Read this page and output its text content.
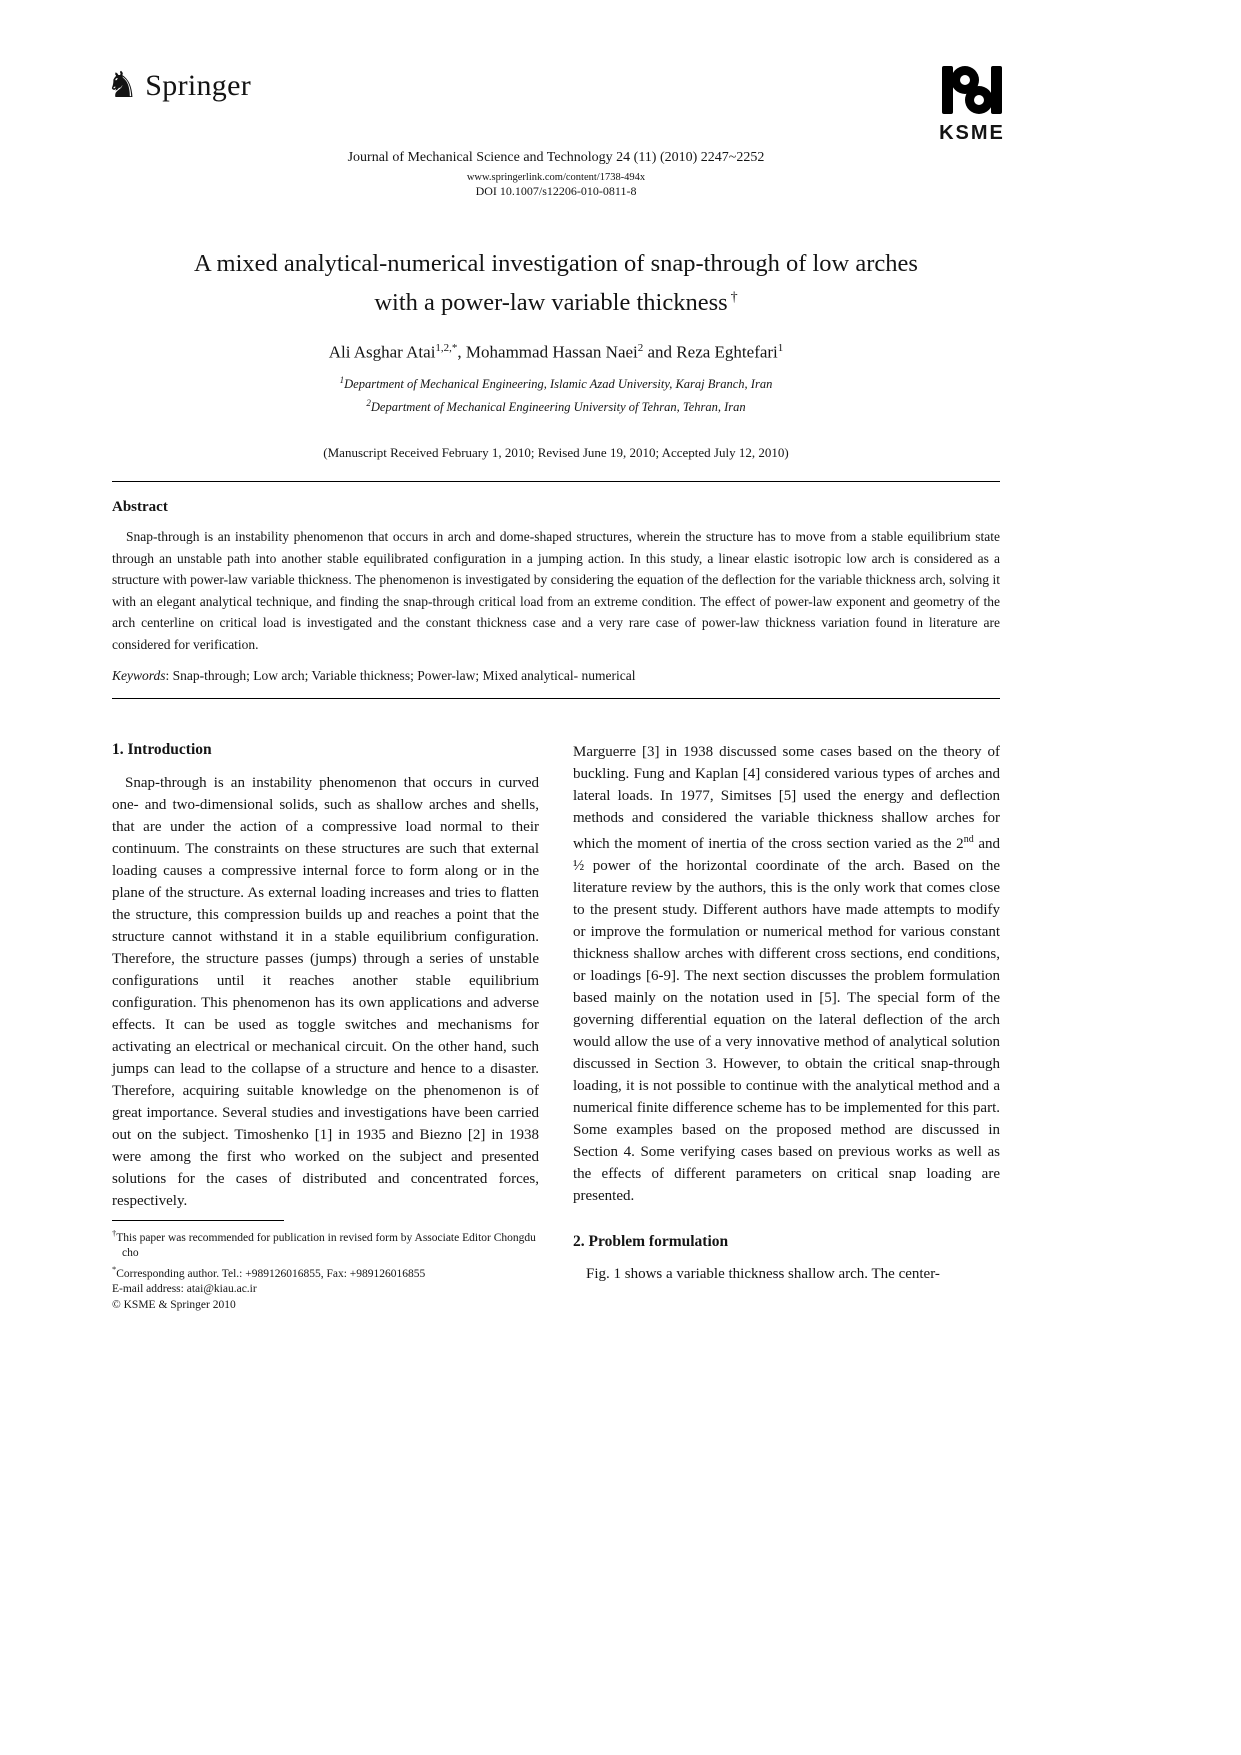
♞ Springer
KSME
Journal of Mechanical Science and Technology 24 (11) (2010) 2247~2252
www.springerlink.com/content/1738-494x
DOI 10.1007/s12206-010-0811-8
A mixed analytical-numerical investigation of snap-through of low arches
with a power-law variable thickness †
Ali Asghar Atai$^{1,2,*}$, Mohammad Hassan Naei$^2$ and Reza Eghtefari$^1$
$^1$Department of Mechanical Engineering, Islamic Azad University, Karaj Branch, Iran
$^2$Department of Mechanical Engineering University of Tehran, Tehran, Iran
(Manuscript Received February 1, 2010; Revised June 19, 2010; Accepted July 12, 2010)
Abstract

Snap-through is an instability phenomenon that occurs in arch and dome-shaped structures, wherein the structure has to move from a stable equilibrium state through an unstable path into another stable equilibrated configuration in a jumping action. In this study, a linear elastic isotropic low arch is considered as a structure with power-law variable thickness. The phenomenon is investigated by considering the equation of the deflection for the variable thickness arch, solving it with an elegant analytical technique, and finding the snap-through critical load from an extreme condition. The effect of power-law exponent and geometry of the arch centerline on critical load is investigated and the constant thickness case and a very rare case of power-law thickness variation found in literature are considered for verification.

Keywords: Snap-through; Low arch; Variable thickness; Power-law; Mixed analytical- numerical
1. Introduction

Snap-through is an instability phenomenon that occurs in curved one- and two-dimensional solids, such as shallow arches and shells, that are under the action of a compressive load normal to their continuum. The constraints on these structures are such that external loading causes a compressive internal force to form along or in the plane of the structure. As external loading increases and tries to flatten the structure, this compression builds up and reaches a point that the structure cannot withstand it in a stable equilibrium configuration. Therefore, the structure passes (jumps) through a series of unstable configurations until it reaches another stable equilibrium configuration. This phenomenon has its own applications and adverse effects. It can be used as toggle switches and mechanisms for activating an electrical or mechanical circuit. On the other hand, such jumps can lead to the collapse of a structure and hence to a disaster. Therefore, acquiring suitable knowledge on the phenomenon is of great importance. Several studies and investigations have been carried out on the subject. Timoshenko [1] in 1935 and Biezno [2] in 1938 were among the first who worked on the subject and presented solutions for the cases of distributed and concentrated forces, respectively.

†This paper was recommended for publication in revised form by Associate Editor Chongdu cho
*Corresponding author. Tel.: +989126016855, Fax: +989126016855
E-mail address: atai@kiau.ac.ir
© KSME & Springer 2010

Marguerre [3] in 1938 discussed some cases based on the theory of buckling. Fung and Kaplan [4] considered various types of arches and lateral loads. In 1977, Simitses [5] used the energy and deflection methods and considered the variable thickness shallow arches for which the moment of inertia of the cross section varied as the 2nd and ½ power of the horizontal coordinate of the arch. Based on the literature review by the authors, this is the only work that comes close to the present study. Different authors have made attempts to modify or improve the formulation or numerical method for various constant thickness shallow arches with different cross sections, end conditions, or loadings [6-9]. The next section discusses the problem formulation based mainly on the notation used in [5]. The special form of the governing differential equation on the lateral deflection of the arch would allow the use of a very innovative method of analytical solution discussed in Section 3. However, to obtain the critical snap-through loading, it is not possible to continue with the analytical method and a numerical finite difference scheme has to be implemented for this part. Some examples based on the proposed method are discussed in Section 4. Some verifying cases based on previous works as well as the effects of different parameters on critical snap loading are presented.

2. Problem formulation

Fig. 1 shows a variable thickness shallow arch. The center-
